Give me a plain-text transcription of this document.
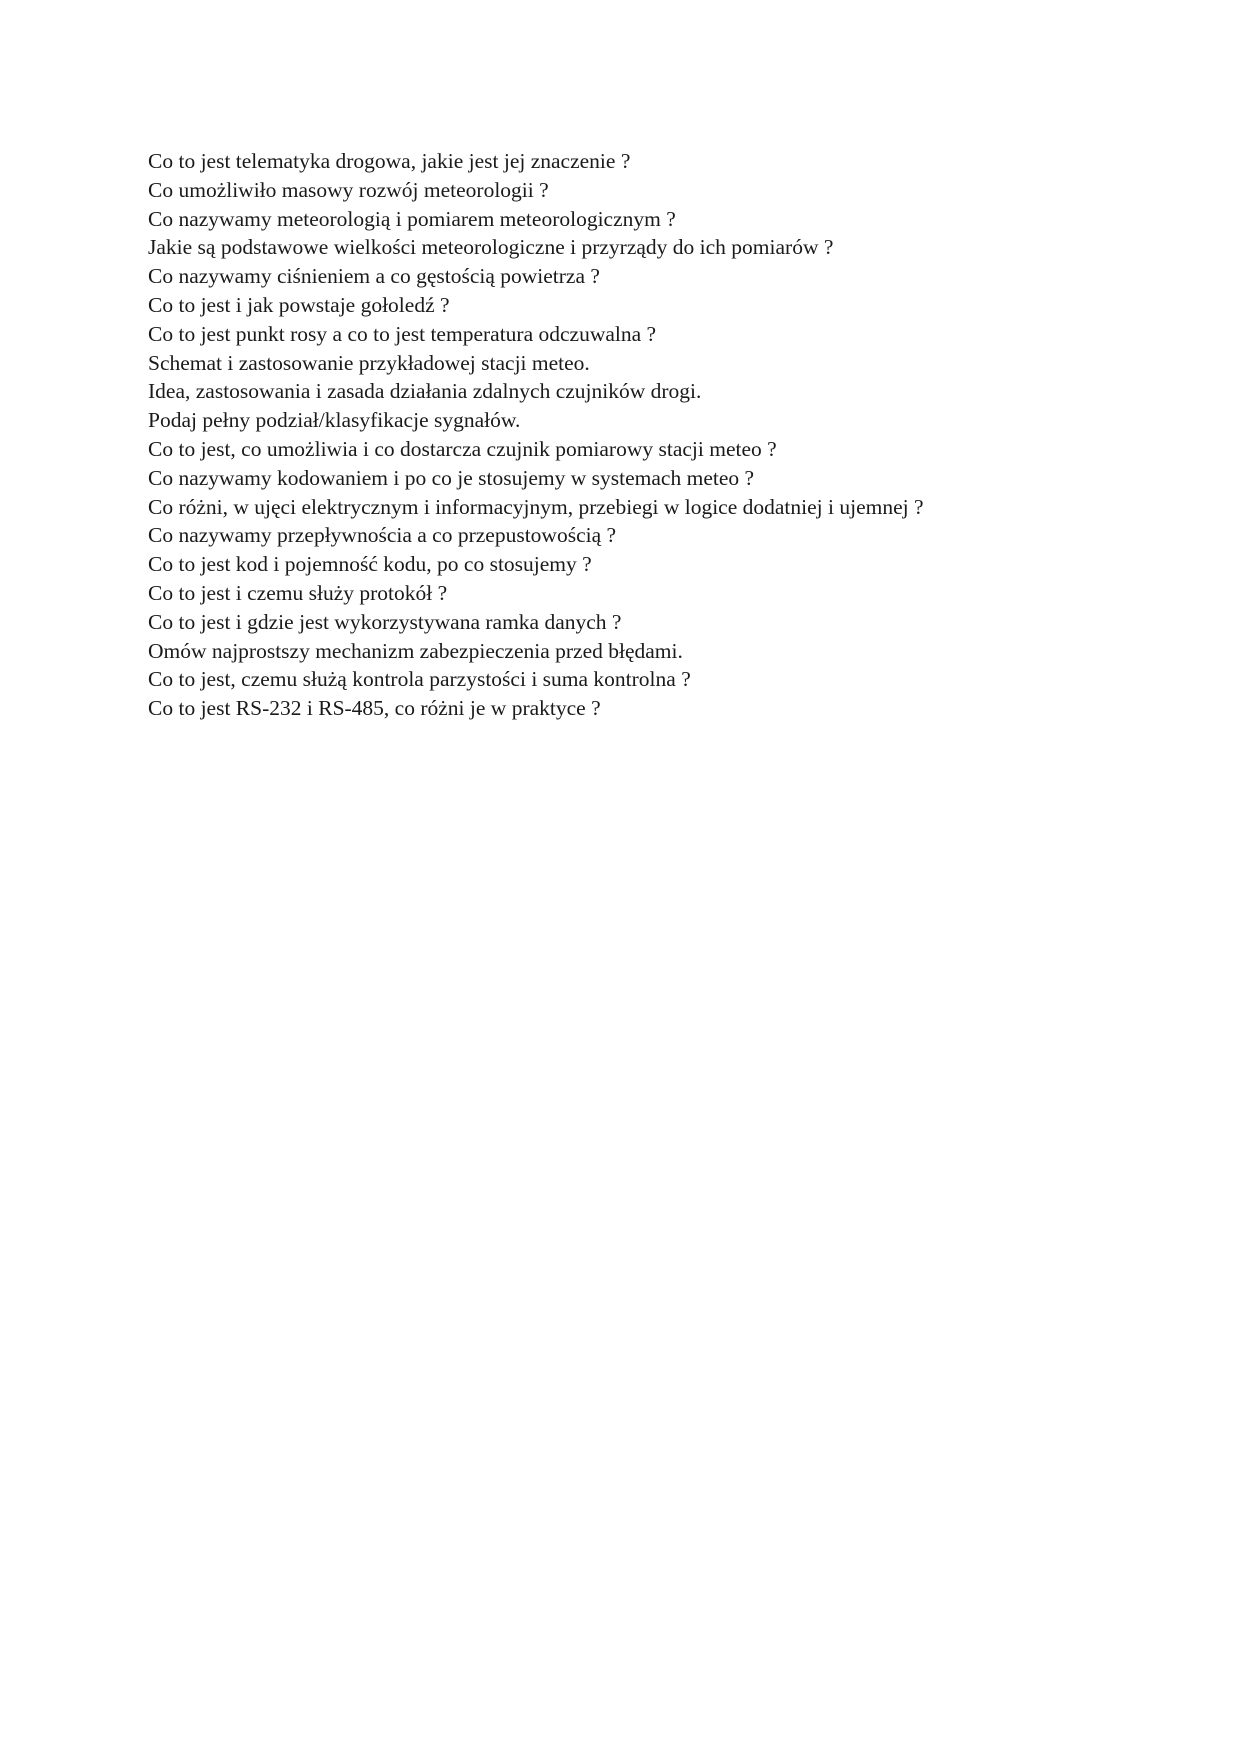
Co to jest telematyka drogowa, jakie jest jej znaczenie ?
Co umożliwiło masowy rozwój meteorologii ?
Co nazywamy meteorologią i pomiarem meteorologicznym ?
Jakie są podstawowe wielkości meteorologiczne i przyrządy do ich pomiarów ?
Co nazywamy ciśnieniem a co gęstością powietrza ?
Co to jest i jak powstaje gołoledź ?
Co to jest punkt rosy a co to jest temperatura odczuwalna ?
Schemat i zastosowanie przykładowej stacji meteo.
Idea, zastosowania i zasada działania zdalnych czujników drogi.
Podaj pełny podział/klasyfikacje sygnałów.
Co to jest, co umożliwia i co dostarcza czujnik pomiarowy stacji meteo ?
Co nazywamy kodowaniem i po co je stosujemy w systemach meteo ?
Co różni, w ujęci elektrycznym i informacyjnym, przebiegi w logice dodatniej i ujemnej ?
Co nazywamy przepływnościa a co przepustowością ?
Co to jest kod i pojemność kodu, po co stosujemy ?
Co to jest i czemu służy protokół ?
Co to jest i gdzie jest wykorzystywana ramka danych ?
Omów najprostszy mechanizm zabezpieczenia przed błędami.
Co to jest, czemu służą kontrola parzystości i suma kontrolna ?
Co to jest RS-232 i RS-485, co różni je w praktyce ?
